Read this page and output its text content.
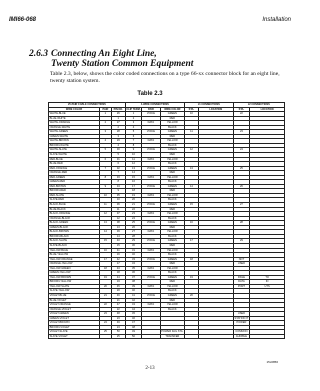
IMI66-068	Installation
2.6.3 Connecting An Eight Line,
Twenty Station Common Equipment
Table 2.3, below, shows the color coded connections on a type 66-xx connector block for an eight line, twenty station system.
Table 2.3
25-PAIR CABLE CONNECTIONS			4-WIRE CONNECTIONS			J1 CONNECTIONS		J2 CONNECTIONS	
WIRE COLOR	PAIR	PIN NO.	CLIP TERM.	PAIR	WIRE COLOR	STA.	LOCATION	STA.	LOCATION
WHITE-BLUE	1	26	1	VOICE	GREEN	10		22	
BLUE-WHITE		1	2		RED				
WHITE-ORANGE	2	27	3	DATA	YELLOW				
ORANGE-WHITE		2	4		BLACK				
WHITE-GREEN	3	28	5	VOICE	GREEN	11		23	
GREEN-WHITE		3	6		RED				
WHITE-BROWN	4	29	7	DATA	YELLOW				
BROWN-WHITE		4	8		BLACK				
WHITE-SLATE	5	30	9	VOICE	GREEN	12		24	
SLATE-WHITE		5	10		RED				
RED-BLUE	6	31	11	DATA	YELLOW				
BLUE-RED		6	12		BLACK				
RED-ORANGE	7	32	13	VOICE	GREEN	13		25	
ORANGE-RED		7	14		RED				
RED-GREEN	8	33	15	DATA	YELLOW				
GREEN-RED		8	16		BLACK				
RED-BROWN	9	34	17	VOICE	GREEN	14		26	
BROWN-RED		9	18		RED				
RED-SLATE	10	35	19	DATA	YELLOW				
SLATE-RED		10	20		BLACK				
BLACK-BLUE	11	36	21	VOICE	GREEN	15		27	
BLUE-BLACK		11	22		RED				
BLACK-ORANGE	12	37	23	DATA	YELLOW				
ORANGE-BLACK		12	24		BLACK				
BLACK-GREEN	13	38	25	VOICE	GREEN	16		28	
GREEN-BLACK		13	26		RED				
BLACK-BROWN	14	39	27	DATA	YELLOW				
BROWN-BLACK		14	28		BLACK				
BLACK-SLATE	15	40	29	VOICE	GREEN	17		29	
SLATE-BLACK		15	30		RED				
YELLOW-BLUE	16	41	31	DATA	YELLOW				
BLUE-YELLOW		16	32		BLACK				
YELLOW-ORANGE	17	42	33	VOICE	GREEN	18		NOT	
ORANGE-YELLOW		17	34		RED			USED	
YELLOW-GREEN	18	43	35	DATA	YELLOW				
GREEN-YELLOW		18	36		BLACK				
YELLOW-BROWN	19	44	37	VOICE	GREEN	19		PAGE	TO
BROWN-YELLOW		19	38		RED			DATA	IN
YELLOW-SLATE	20	45	39	DATA	YELLOW			PORT	UTS
SLATE-YELLOW		20	40		BLACK				
VIOLET-BLUE	21	46	41	VOICE	GREEN	20			
BLUE-VIOLET		21	42		RED				
VIOLET-ORANGE	22	47	43	DATA	YELLOW				
ORANGE-VIOLET		22	44		BLACK				
VIOLET-GREEN	23	48	45					USED	
GREEN-VIOLET		23	46					STATION IT	
VIOLET-BROWN	24	49	47					POWER	
BROWN-VIOLET		24	48						
VIOLET-SLATE	25	50	49		POWER FAIL STA.			COMMON	
SLATE-VIOLET		25	50		TRANSFER			AUDIBLE	
15x0856
2-13
